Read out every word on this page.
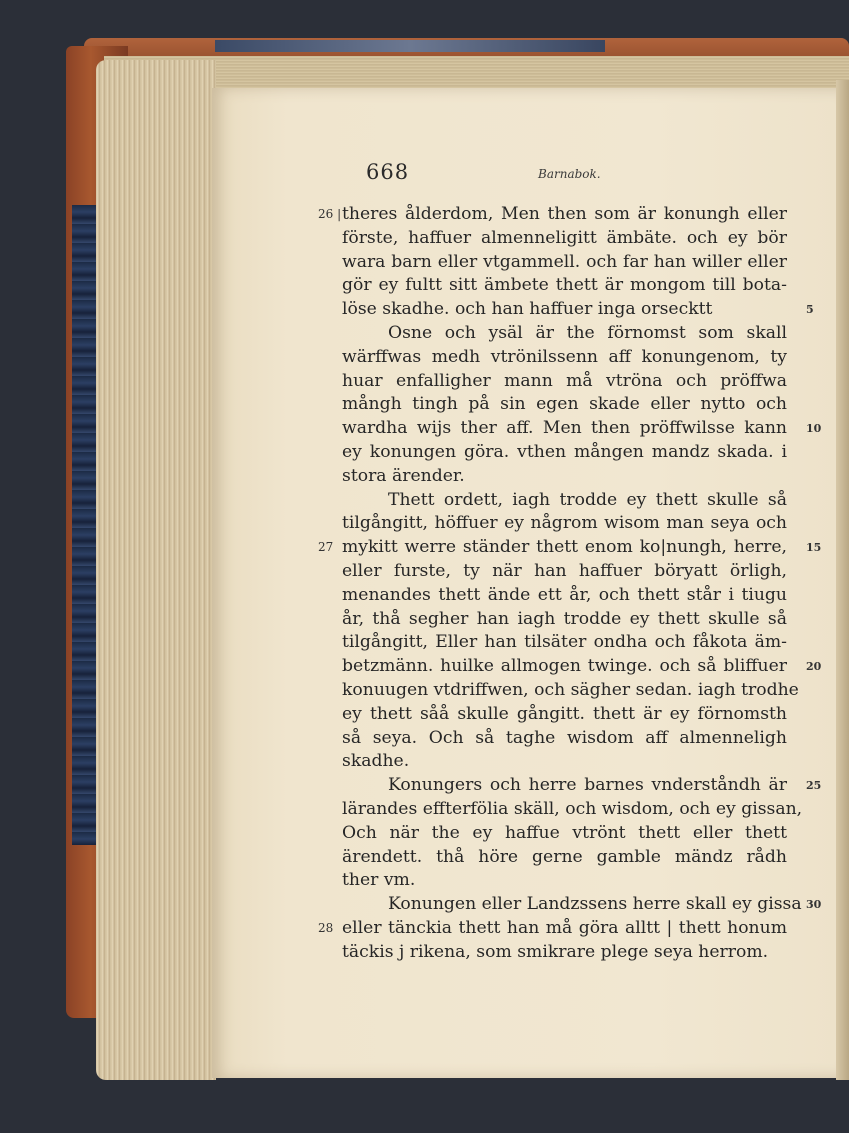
668	Barnabok.
26 | theres ålderdom, Men then som är konungh eller
förste, haffuer almenneligitt ämbäte. och ey bör
wara barn eller vtgammell. och far han willer eller
gör ey fultt sitt ämbete thett är mongom till bota-
löse skadhe. och han haffuer inga orsecktt	5
Osne och ysäl är the förnomst som skall
wärffwas medh vtrönilssenn aff konungenom, ty
huar enfalligher mann må vtröna och pröffwa
mångh tingh på sin egen skade eller nytto och
wardha wijs ther aff. Men then pröffwilsse kann 10
ey konungen göra. vthen mången mandz skada. i
stora ärender.
Thett ordett, iagh trodde ey thett skulle så
tilgångitt, höffuer ey någrom wisom man seya och
27 mykitt werre ständer thett enom ko|nungh, herre, 15
eller furste, ty när han haffuer böryatt örligh,
menandes thett ände ett år, och thett står i tiugu
år, thå segher han iagh trodde ey thett skulle så
tilgångitt, Eller han tilsäter ondha och fåkota äm-
betzmänn. huilke allmogen twinge. och så bliffuer 20
konuugen vtdriffwen, och sägher sedan. iagh trodhe
ey thett såå skulle gångitt. thett är ey förnomsth
så seya. Och så taghe wisdom aff almenneligh
skadhe.
Konungers och herre barnes vnderståndh är 25
lärandes effterfölia skäll, och wisdom, och ey gissan,
Och när the ey haffue vtrönt thett eller thett
ärendett. thå höre gerne gamble mändz rådh
ther vm.
Konungen eller Landzssens herre skall ey gissa 30
28 eller tänckia thett han må göra alltt | thett honum
täckis j rikena, som smikrare plege seya herrom.
